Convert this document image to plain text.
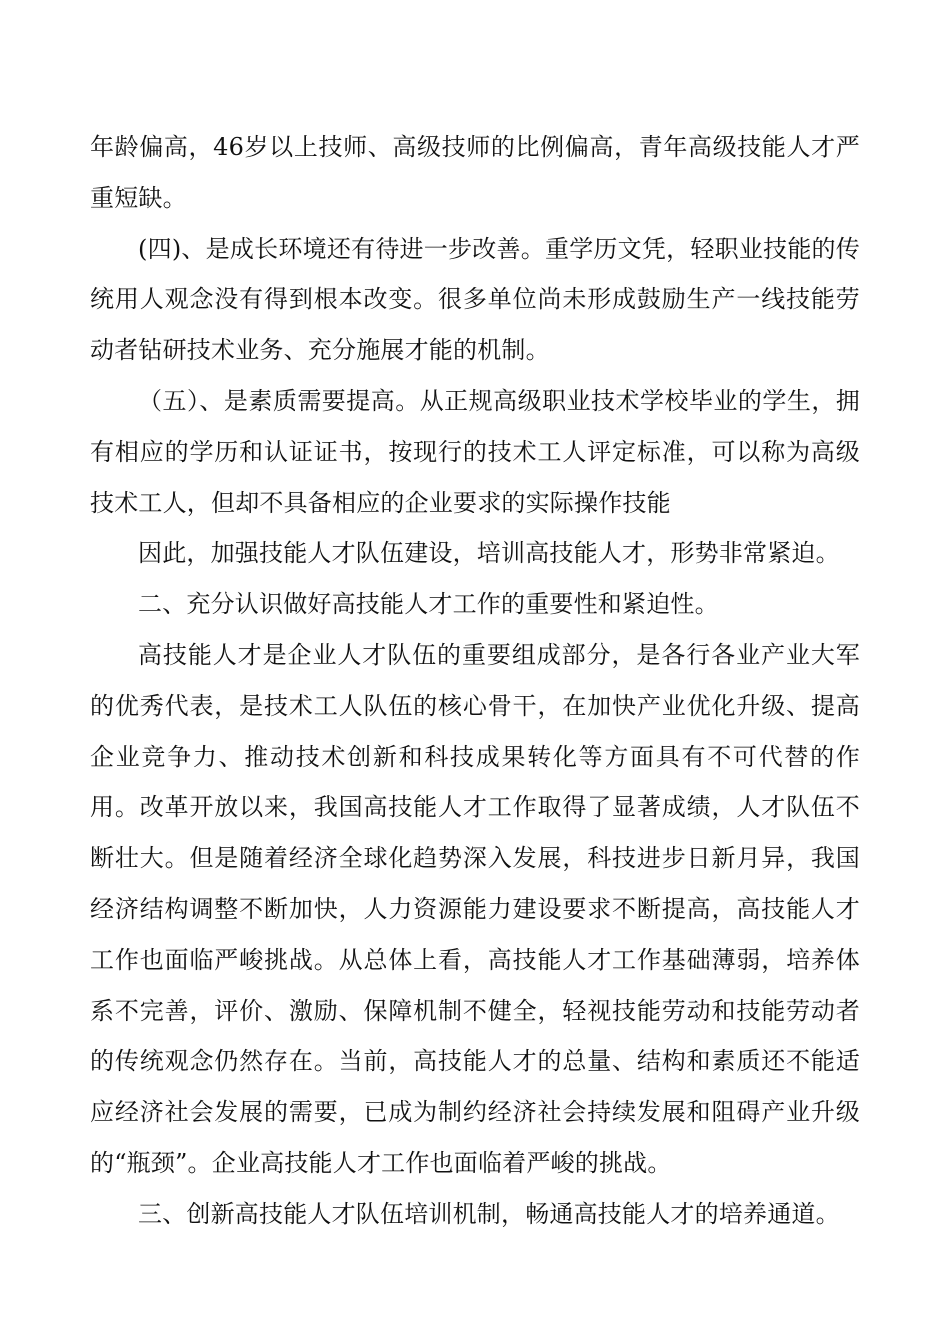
年龄偏高，46岁以上技师、高级技师的比例偏高，青年高级技能人才严重短缺。

(四)、是成长环境还有待进一步改善。重学历文凭，轻职业技能的传统用人观念没有得到根本改变。很多单位尚未形成鼓励生产一线技能劳动者钻研技术业务、充分施展才能的机制。

（五）、是素质需要提高。从正规高级职业技术学校毕业的学生，拥有相应的学历和认证证书，按现行的技术工人评定标准，可以称为高级技术工人，但却不具备相应的企业要求的实际操作技能

因此，加强技能人才队伍建设，培训高技能人才，形势非常紧迫。

二、充分认识做好高技能人才工作的重要性和紧迫性。

高技能人才是企业人才队伍的重要组成部分，是各行各业产业大军的优秀代表，是技术工人队伍的核心骨干，在加快产业优化升级、提高企业竞争力、推动技术创新和科技成果转化等方面具有不可代替的作用。改革开放以来，我国高技能人才工作取得了显著成绩，人才队伍不断壮大。但是随着经济全球化趋势深入发展，科技进步日新月异，我国经济结构调整不断加快，人力资源能力建设要求不断提高，高技能人才工作也面临严峻挑战。从总体上看，高技能人才工作基础薄弱，培养体系不完善，评价、激励、保障机制不健全，轻视技能劳动和技能劳动者的传统观念仍然存在。当前，高技能人才的总量、结构和素质还不能适应经济社会发展的需要，已成为制约经济社会持续发展和阻碍产业升级的“瓶颈”。企业高技能人才工作也面临着严峻的挑战。

三、创新高技能人才队伍培训机制，畅通高技能人才的培养通道。
